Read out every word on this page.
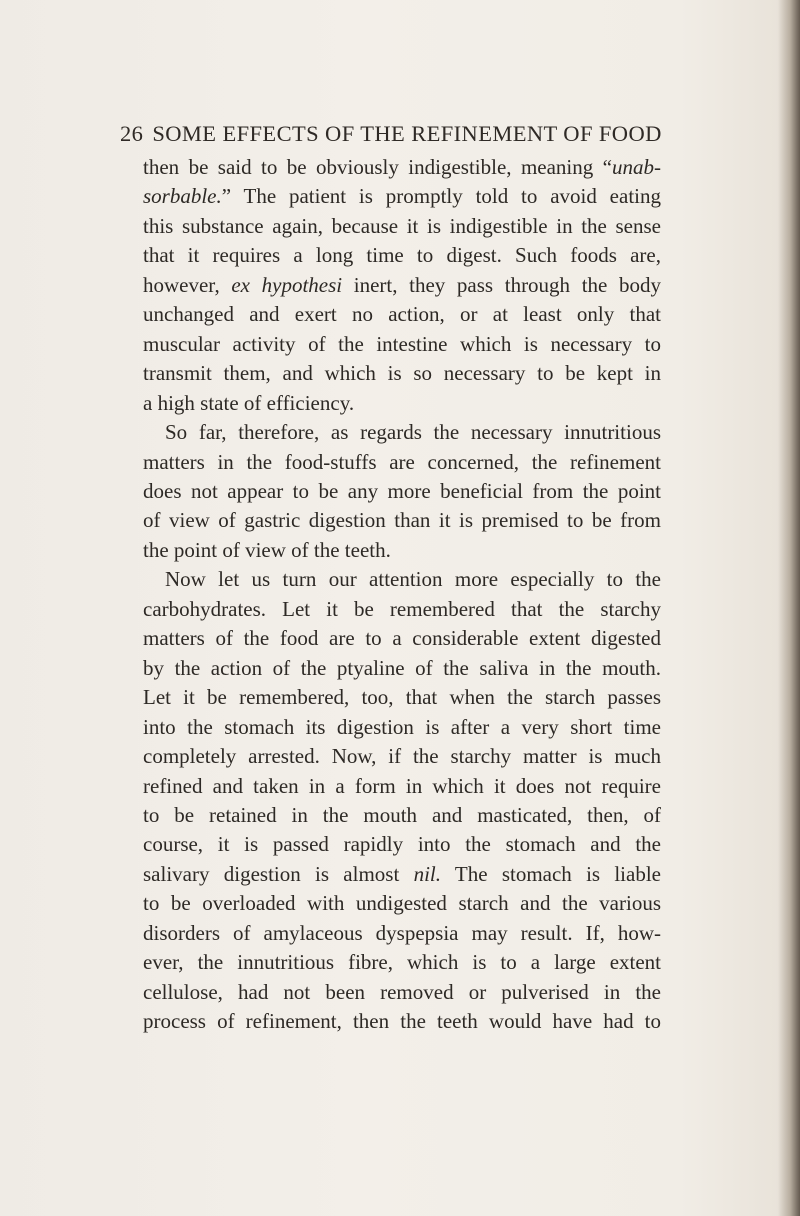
26 SOME EFFECTS OF THE REFINEMENT OF FOOD
then be said to be obviously indigestible, meaning “unab-
sorbable.” The patient is promptly told to avoid eating
this substance again, because it is indigestible in the sense
that it requires a long time to digest. Such foods are,
however, ex hypothesi inert, they pass through the body
unchanged and exert no action, or at least only that
muscular activity of the intestine which is necessary to
transmit them, and which is so necessary to be kept in
a high state of efficiency.
So far, therefore, as regards the necessary innutritious
matters in the food-stuffs are concerned, the refinement
does not appear to be any more beneficial from the point
of view of gastric digestion than it is premised to be from
the point of view of the teeth.
Now let us turn our attention more especially to the
carbohydrates. Let it be remembered that the starchy
matters of the food are to a considerable extent digested
by the action of the ptyaline of the saliva in the mouth.
Let it be remembered, too, that when the starch passes
into the stomach its digestion is after a very short time
completely arrested. Now, if the starchy matter is much
refined and taken in a form in which it does not require
to be retained in the mouth and masticated, then, of
course, it is passed rapidly into the stomach and the
salivary digestion is almost nil. The stomach is liable
to be overloaded with undigested starch and the various
disorders of amylaceous dyspepsia may result. If, how-
ever, the innutritious fibre, which is to a large extent
cellulose, had not been removed or pulverised in the
process of refinement, then the teeth would have had to
